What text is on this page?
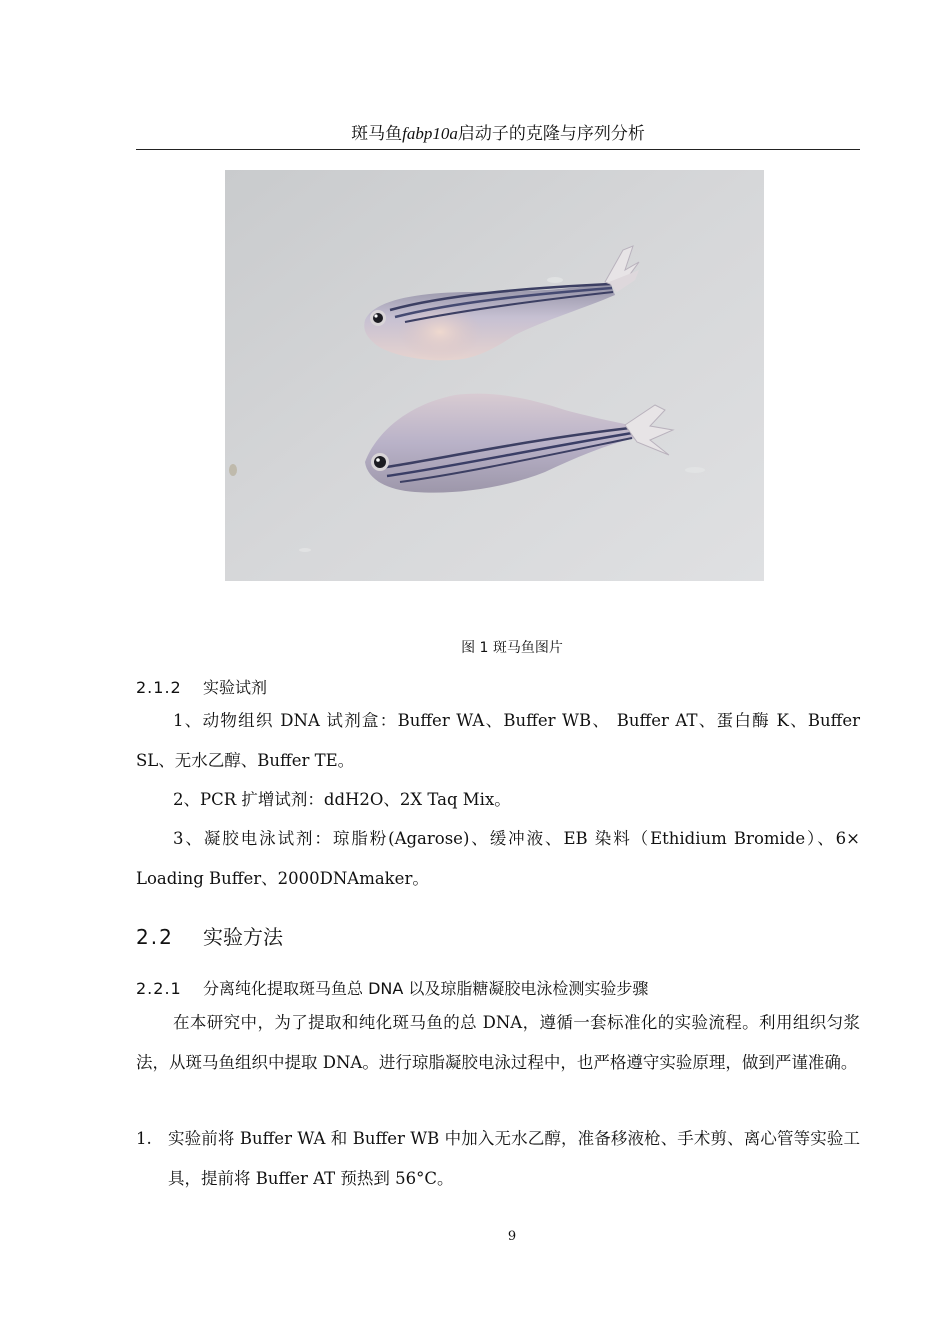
斑马鱼fabp10a启动子的克隆与序列分析
图 1 斑马鱼图片
2.1.2 实验试剂
1、动物组织 DNA 试剂盒：Buffer WA、Buffer WB、 Buffer AT、蛋白酶 K、Buffer SL、无水乙醇、Buffer TE。
2、PCR 扩增试剂：ddH2O、2X Taq Mix。
3、凝胶电泳试剂：琼脂粉(Agarose)、缓冲液、EB 染料（Ethidium Bromide）、6× Loading Buffer、2000DNAmaker。
2.2 实验方法
2.2.1 分离纯化提取斑马鱼总 DNA 以及琼脂糖凝胶电泳检测实验步骤
在本研究中，为了提取和纯化斑马鱼的总 DNA，遵循一套标准化的实验流程。利用组织匀浆法，从斑马鱼组织中提取 DNA。进行琼脂凝胶电泳过程中，也严格遵守实验原理，做到严谨准确。
1. 实验前将 Buffer WA 和 Buffer WB 中加入无水乙醇，准备移液枪、手术剪、离心管等实验工具，提前将 Buffer AT 预热到 56°C。
9
